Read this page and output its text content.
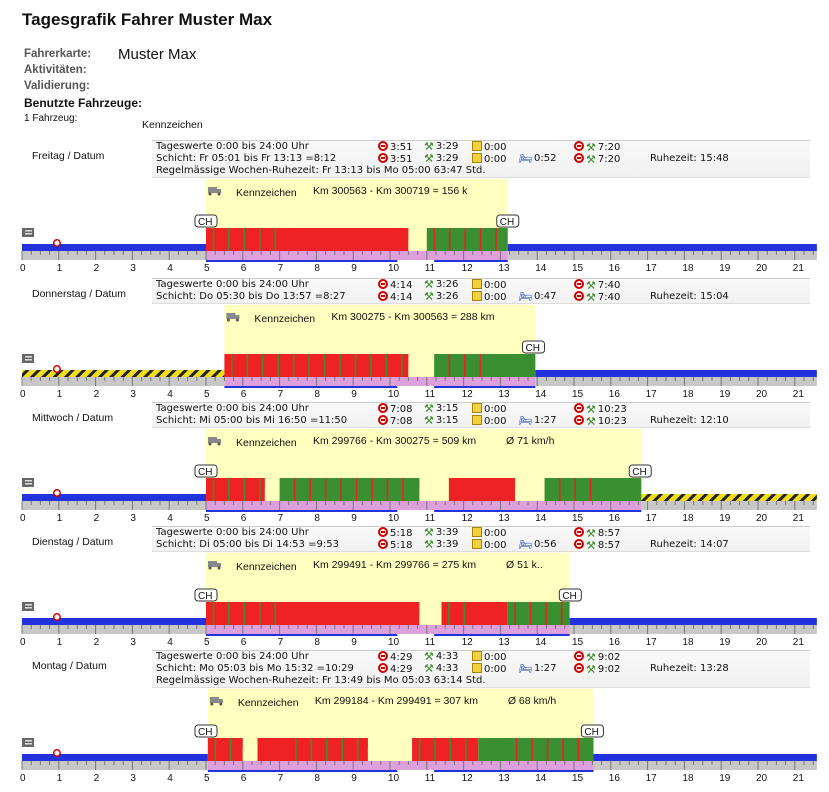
Tagesgrafik Fahrer Muster Max
Fahrerkarte: Muster Max
Aktivitäten:
Validierung:
Benutzte Fahrzeuge:
1 Fahrzeug:
Kennzeichen
Freitag / Datum
Tageswerte 0:00 bis 24:00 Uhr	3:51 ⚒ 3:29	0:00	⚒ 7:20
Schicht: Fr 05:01 bis Fr 13:13 =8:12	3:51 ⚒ 3:29	0:00 🛏 0:52	⚒ 7:20	Ruhezeit: 15:48
Regelmässige Wochen-Ruhezeit: Fr 13:13 bis Mo 05:00 63:47 Std.
Kennzeichen Km 300563 - Km 300719 = 156 k
0	1	2	3	4	5	6	7	8	9	10	11	12	13	14	15	16	17	18	19	20	21
CH	CH
Donnerstag / Datum
Tageswerte 0:00 bis 24:00 Uhr	4:14 ⚒ 3:26	0:00	⚒ 7:40
Schicht: Do 05:30 bis Do 13:57 =8:27	4:14 ⚒ 3:26	0:00 🛏 0:47	⚒ 7:40	Ruhezeit: 15:04
Kennzeichen Km 300275 - Km 300563 = 288 km
0	1	2	3	4	5	6	7	8	9	10	11	12	13	14	15	16	17	18	19	20	21
CH
Mittwoch / Datum
Tageswerte 0:00 bis 24:00 Uhr	7:08 ⚒ 3:15	0:00	⚒ 10:23
Schicht: Mi 05:00 bis Mi 16:50 =11:50	7:08 ⚒ 3:15	0:00 🛏 1:27	⚒ 10:23 Ruhezeit: 12:10
Kennzeichen Km 299766 - Km 300275 = 509 km	Ø 71 km/h
0	1	2	3	4	5	6	7	8	9	10	11	12	13	14	15	16	17	18	19	20	21
CH	CH
Dienstag / Datum
Tageswerte 0:00 bis 24:00 Uhr	5:18 ⚒ 3:39	0:00	⚒ 8:57
Schicht: Di 05:00 bis Di 14:53 =9:53	5:18 ⚒ 3:39	0:00 🛏 0:56	⚒ 8:57	Ruhezeit: 14:07
Kennzeichen Km 299491 - Km 299766 = 275 km	Ø 51 k..
0	1	2	3	4	5	6	7	8	9	10	11	12	13	14	15	16	17	18	19	20	21
CH	CH
Montag / Datum
Tageswerte 0:00 bis 24:00 Uhr	4:29 ⚒ 4:33	0:00	⚒ 9:02
Schicht: Mo 05:03 bis Mo 15:32 =10:29	4:29 ⚒ 4:33	0:00 🛏 1:27	⚒ 9:02	Ruhezeit: 13:28
Regelmässige Wochen-Ruhezeit: Fr 13:49 bis Mo 05:03 63:14 Std.
Kennzeichen Km 299184 - Km 299491 = 307 km	Ø 68 km/h
0	1	2	3	4	5	6	7	8	9	10	11	12	13	14	15	16	17	18	19	20	21
CH	CH
